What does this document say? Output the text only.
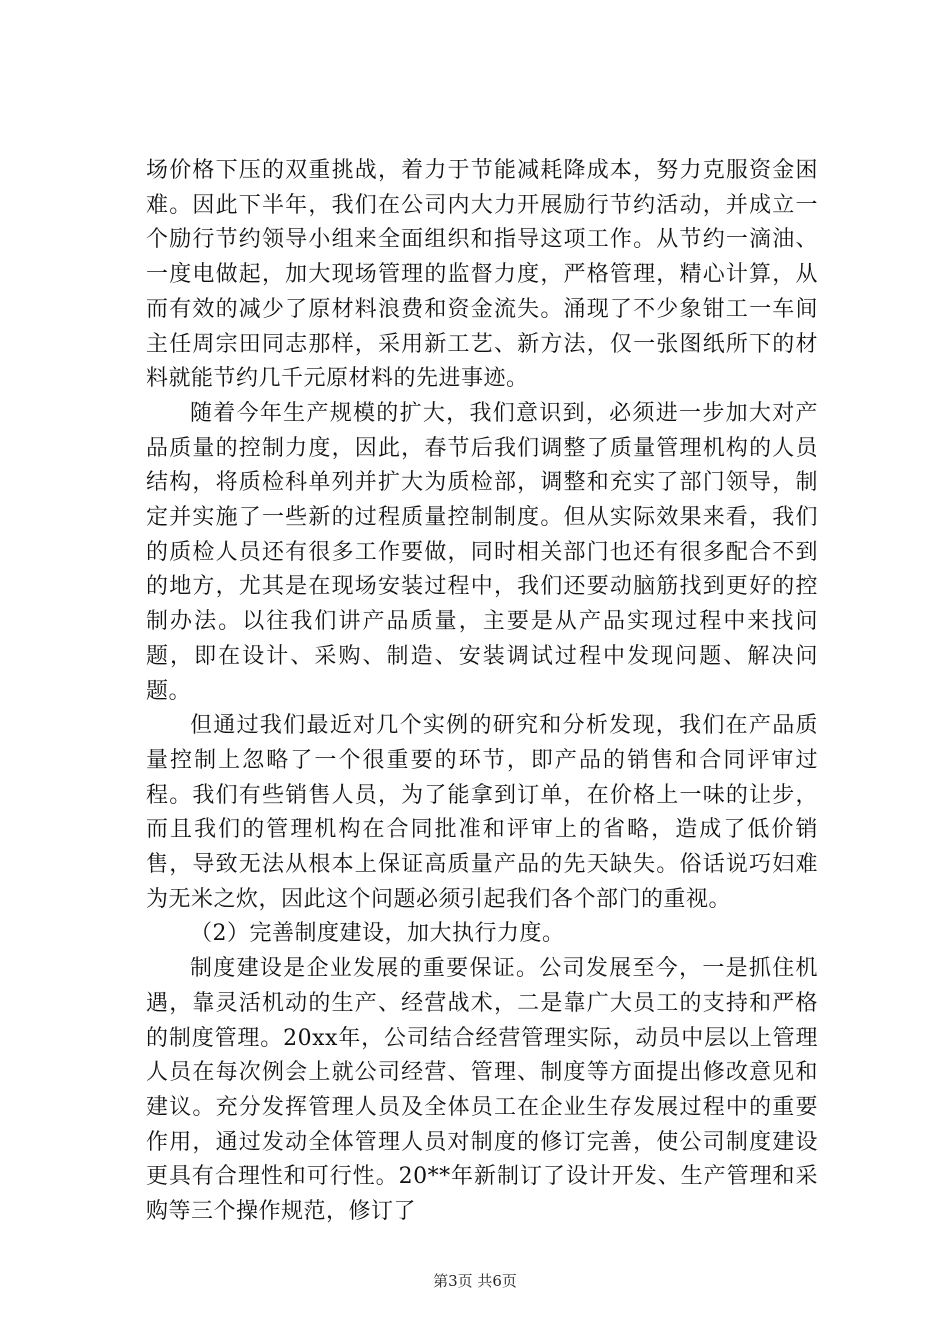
场价格下压的双重挑战，着力于节能减耗降成本，努力克服资金困难。因此下半年，我们在公司内大力开展励行节约活动，并成立一个励行节约领导小组来全面组织和指导这项工作。从节约一滴油、一度电做起，加大现场管理的监督力度，严格管理，精心计算，从而有效的减少了原材料浪费和资金流失。涌现了不少象钳工一车间主任周宗田同志那样，采用新工艺、新方法，仅一张图纸所下的材料就能节约几千元原材料的先进事迹。

随着今年生产规模的扩大，我们意识到，必须进一步加大对产品质量的控制力度，因此，春节后我们调整了质量管理机构的人员结构，将质检科单列并扩大为质检部，调整和充实了部门领导，制定并实施了一些新的过程质量控制制度。但从实际效果来看，我们的质检人员还有很多工作要做，同时相关部门也还有很多配合不到的地方，尤其是在现场安装过程中，我们还要动脑筋找到更好的控制办法。以往我们讲产品质量，主要是从产品实现过程中来找问题，即在设计、采购、制造、安装调试过程中发现问题、解决问题。

但通过我们最近对几个实例的研究和分析发现，我们在产品质量控制上忽略了一个很重要的环节，即产品的销售和合同评审过程。我们有些销售人员，为了能拿到订单，在价格上一味的让步，而且我们的管理机构在合同批准和评审上的省略，造成了低价销售，导致无法从根本上保证高质量产品的先天缺失。俗话说巧妇难为无米之炊，因此这个问题必须引起我们各个部门的重视。

（2）完善制度建设，加大执行力度。

制度建设是企业发展的重要保证。公司发展至今，一是抓住机遇，靠灵活机动的生产、经营战术，二是靠广大员工的支持和严格的制度管理。20xx年，公司结合经营管理实际，动员中层以上管理人员在每次例会上就公司经营、管理、制度等方面提出修改意见和建议。充分发挥管理人员及全体员工在企业生存发展过程中的重要作用，通过发动全体管理人员对制度的修订完善，使公司制度建设更具有合理性和可行性。20**年新制订了设计开发、生产管理和采购等三个操作规范，修订了

第3页 共6页
